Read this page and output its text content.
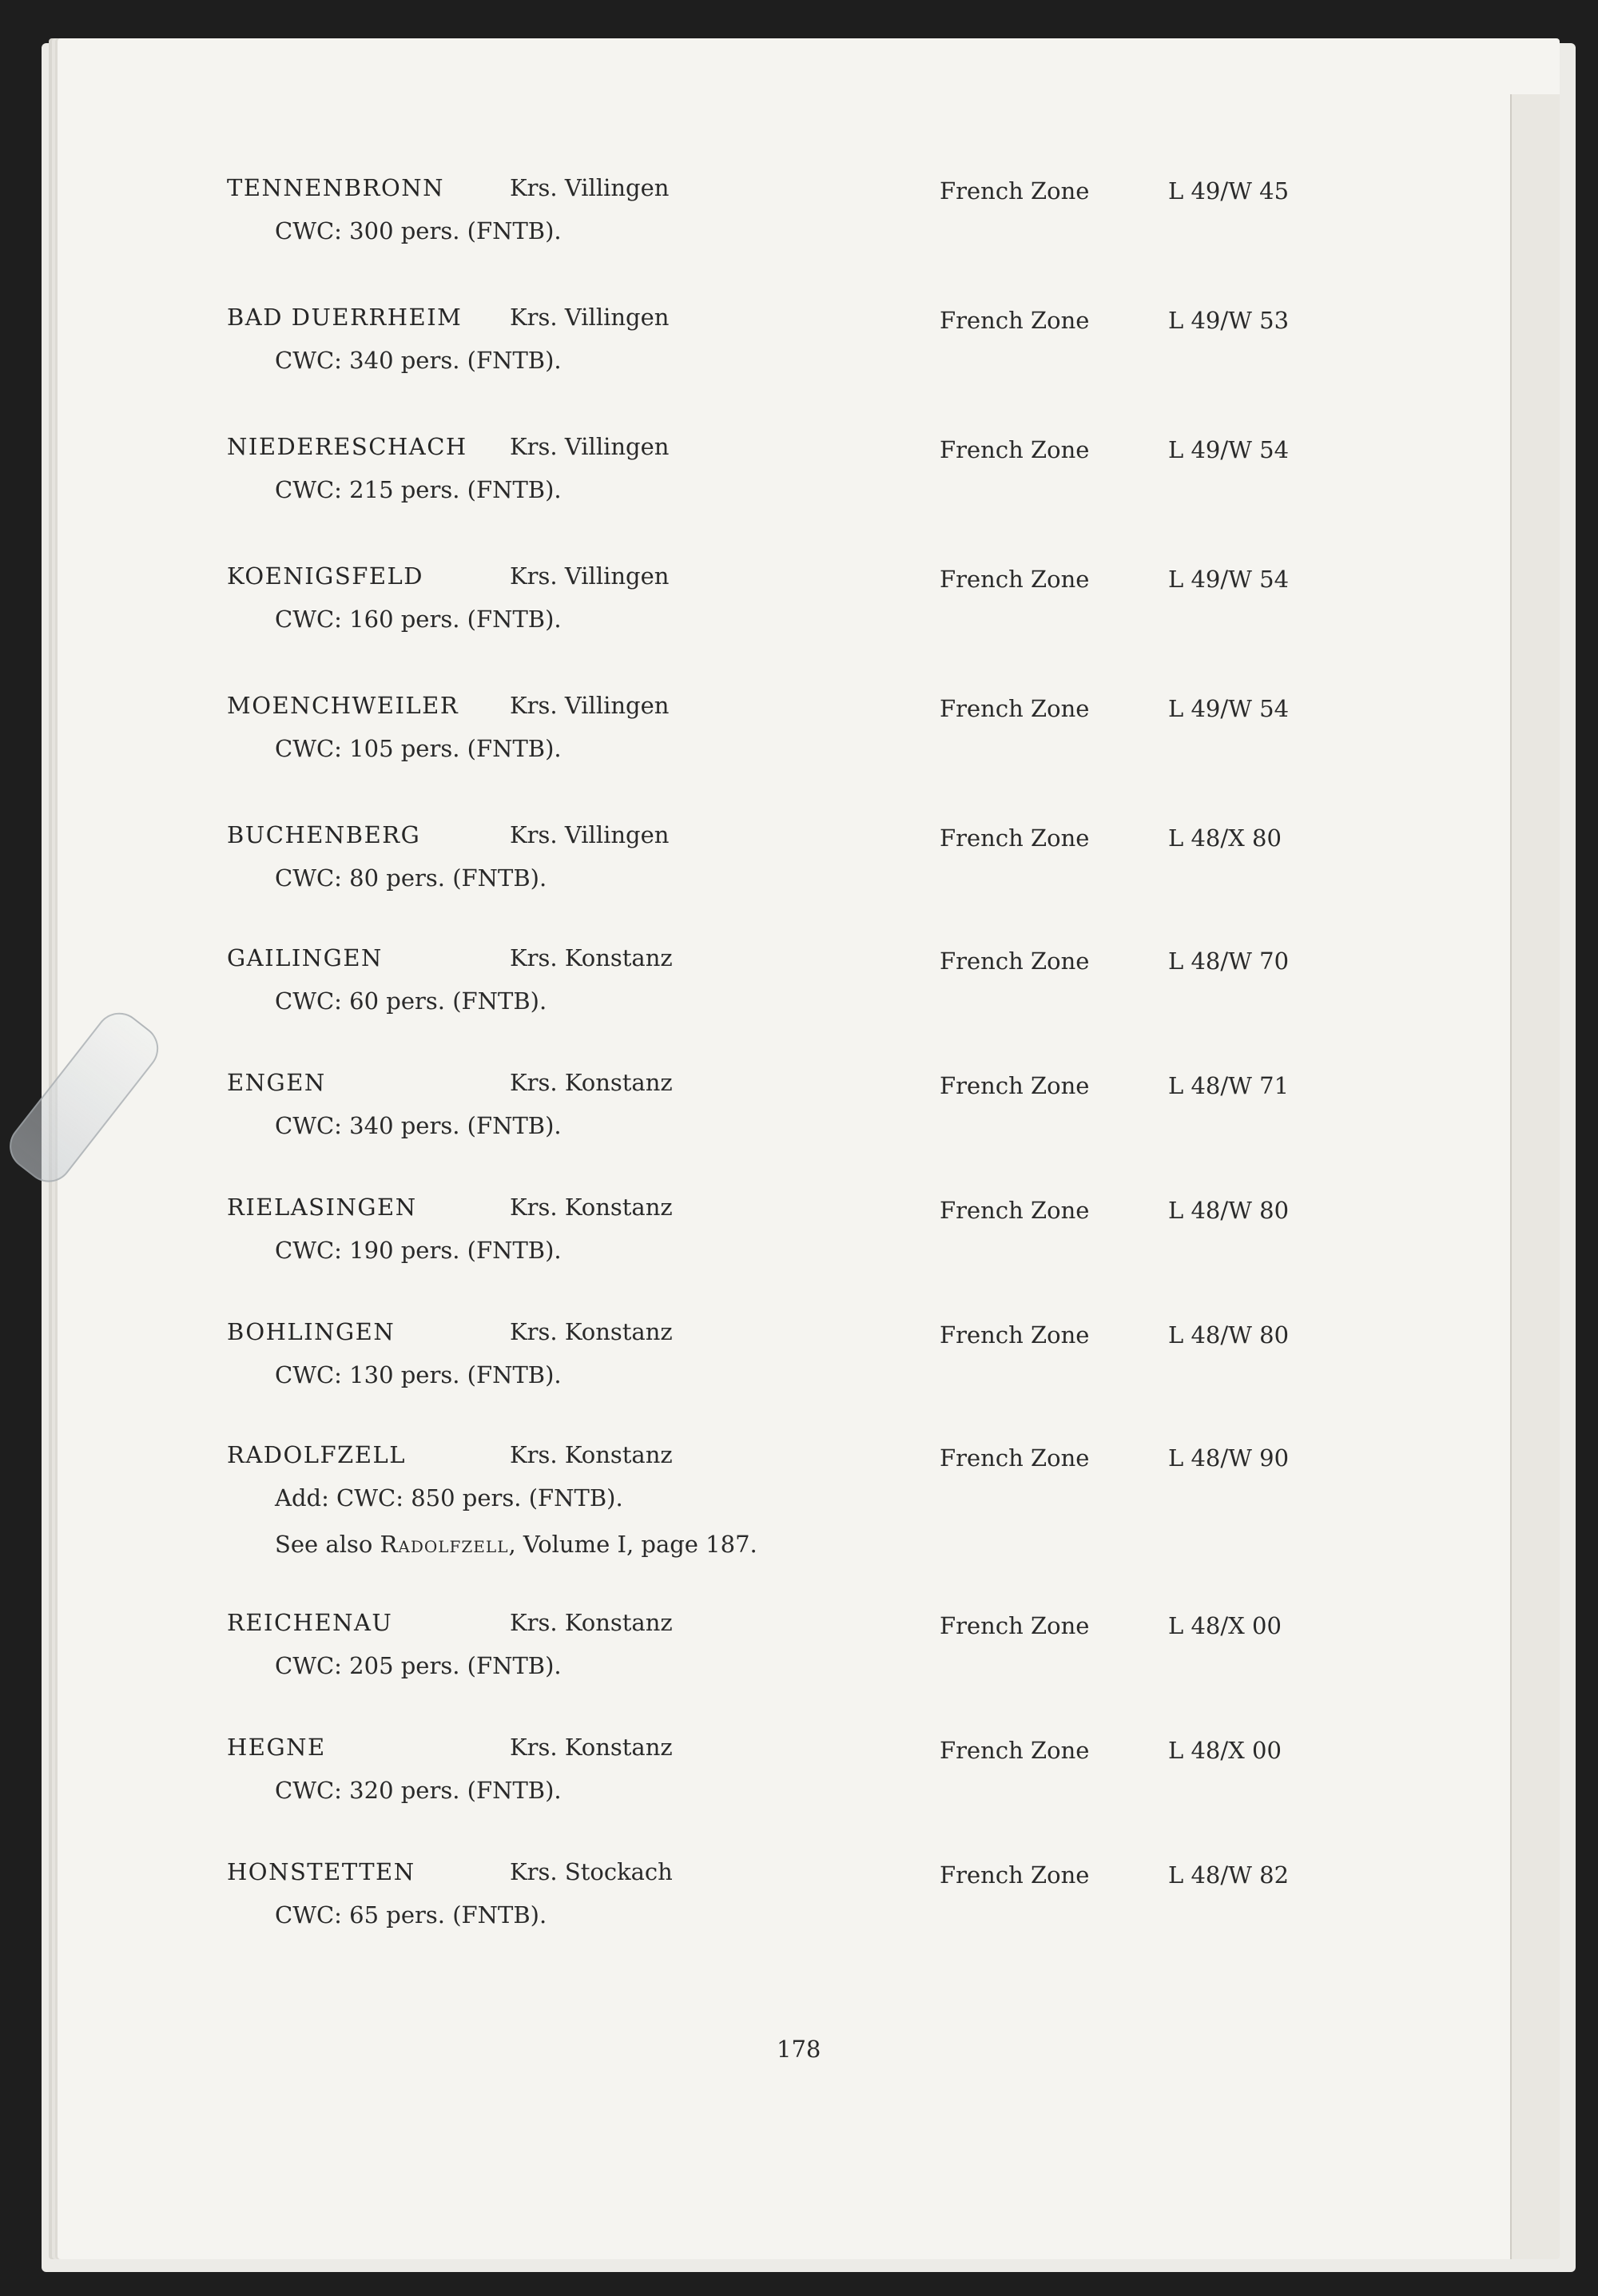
TENNENBRONN	Krs. Villingen	French Zone	L 49/W 45
CWC: 300 pers. (FNTB).
BAD DUERRHEIM Krs. Villingen	French Zone	L 49/W 53
CWC: 340 pers. (FNTB).
NIEDERESCHACH Krs. Villingen	French Zone	L 49/W 54
CWC: 215 pers. (FNTB).
KOENIGSFELD	Krs. Villingen	French Zone	L 49/W 54
CWC: 160 pers. (FNTB).
MOENCHWEILER Krs. Villingen	French Zone	L 49/W 54
CWC: 105 pers. (FNTB).
BUCHENBERG	Krs. Villingen	French Zone	L 48/X 80
CWC: 80 pers. (FNTB).
GAILINGEN	Krs. Konstanz	French Zone	L 48/W 70
CWC: 60 pers. (FNTB).
ENGEN	Krs. Konstanz	French Zone	L 48/W 71
CWC: 340 pers. (FNTB).
RIELASINGEN	Krs. Konstanz	French Zone	L 48/W 80
CWC: 190 pers. (FNTB).
BOHLINGEN	Krs. Konstanz	French Zone	L 48/W 80
CWC: 130 pers. (FNTB).
RADOLFZELL	Krs. Konstanz	French Zone	L 48/W 90
Add: CWC: 850 pers. (FNTB).
See also Radolfzell, Volume I, page 187.
REICHENAU	Krs. Konstanz	French Zone	L 48/X 00
CWC: 205 pers. (FNTB).
HEGNE	Krs. Konstanz	French Zone	L 48/X 00
CWC: 320 pers. (FNTB).
HONSTETTEN	Krs. Stockach	French Zone	L 48/W 82
CWC: 65 pers. (FNTB).
178
